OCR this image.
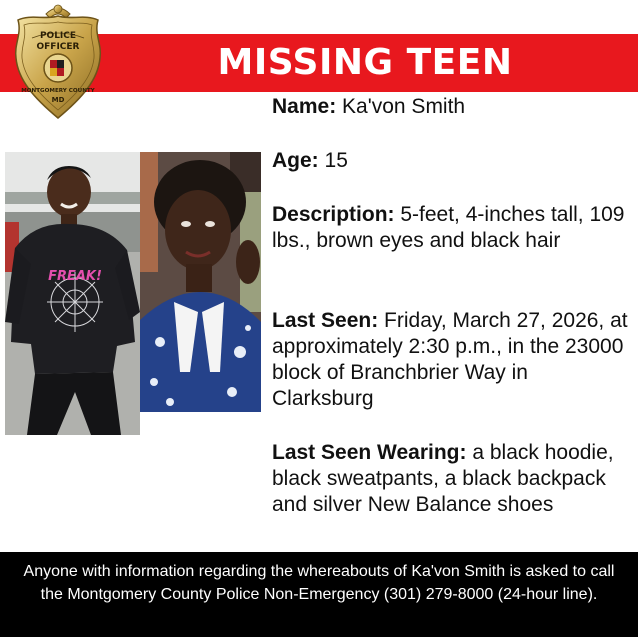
MISSING TEEN
POLICE
OFFICER
MONTGOMERY COUNTY
MD
FREAK!

Name: Ka'von Smith

Age: 15

Description: 5-feet, 4-inches tall, 109 lbs., brown eyes and black hair

Last Seen: Friday, March 27, 2026, at approximately 2:30 p.m., in the 23000 block of Branchbrier Way in Clarksburg

Last Seen Wearing: a black hoodie, black sweatpants, a black backpack and silver New Balance shoes

Anyone with information regarding the whereabouts of Ka'von Smith is asked to call the Montgomery County Police Non-Emergency (301) 279-8000 (24-hour line).
